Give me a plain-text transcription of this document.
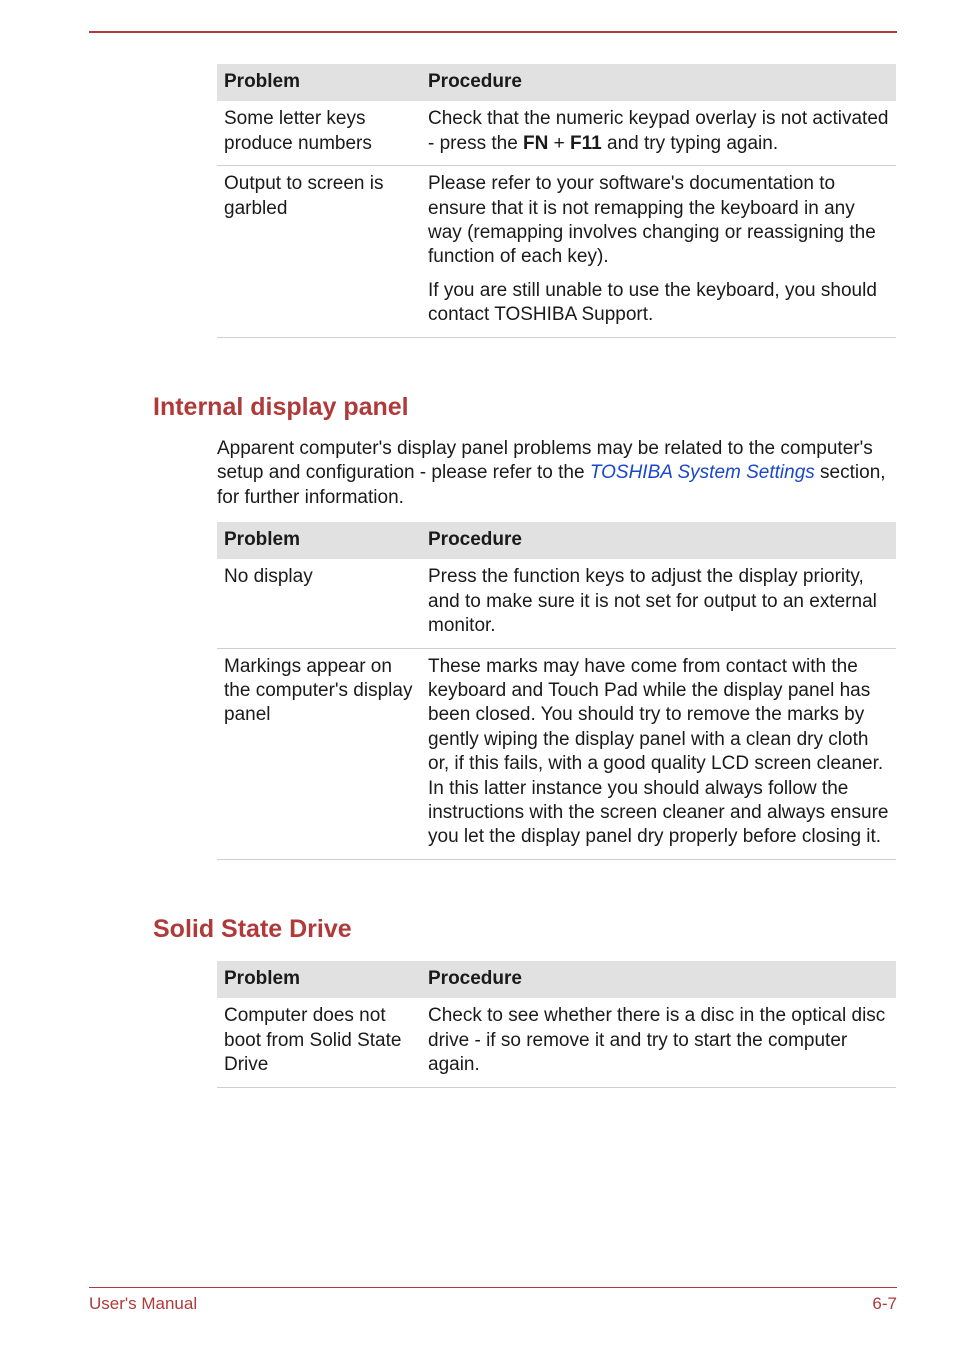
Problem	Procedure
Some letter keys produce numbers	Check that the numeric keypad overlay is not activated - press the FN + F11 and try typing again.
Output to screen is garbled	Please refer to your software's documentation to ensure that it is not remapping the keyboard in any way (remapping involves changing or reassigning the function of each key).

If you are still unable to use the keyboard, you should contact TOSHIBA Support.

Internal display panel

Apparent computer's display panel problems may be related to the computer's setup and configuration - please refer to the TOSHIBA System Settings section, for further information.

Problem	Procedure
No display	Press the function keys to adjust the display priority, and to make sure it is not set for output to an external monitor.
Markings appear on the computer's display panel	These marks may have come from contact with the keyboard and Touch Pad while the display panel has been closed. You should try to remove the marks by gently wiping the display panel with a clean dry cloth or, if this fails, with a good quality LCD screen cleaner. In this latter instance you should always follow the instructions with the screen cleaner and always ensure you let the display panel dry properly before closing it.
Solid State Drive
Problem	Procedure
Computer does not boot from Solid State Drive	Check to see whether there is a disc in the optical disc drive - if so remove it and try to start the computer again.
User's Manual	6-7
